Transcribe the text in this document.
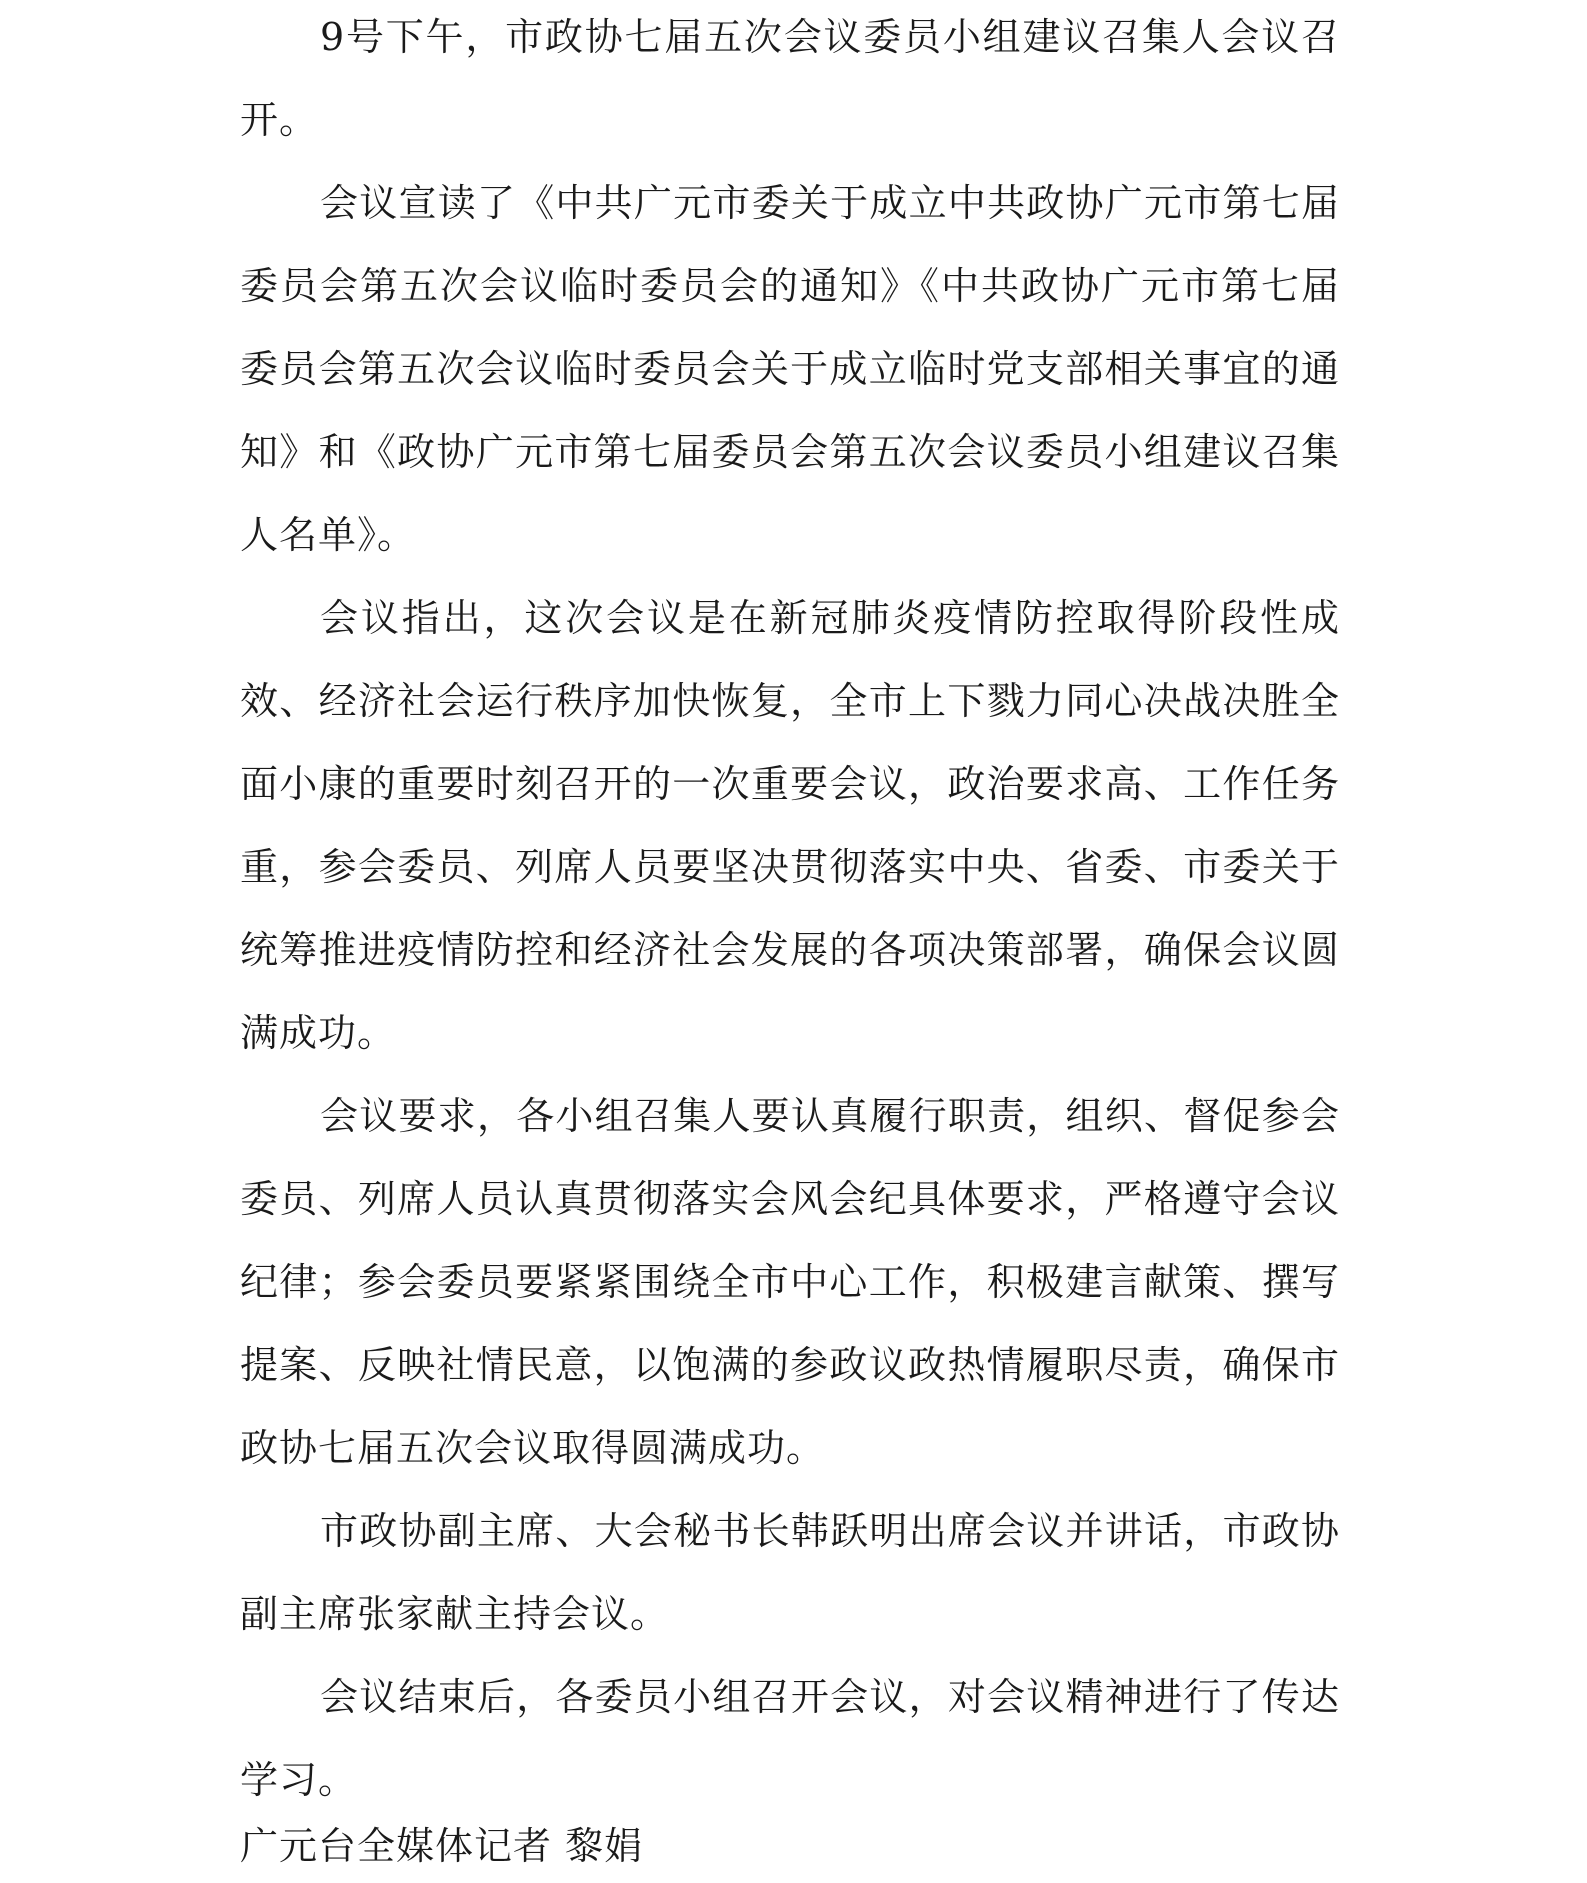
9号下午，市政协七届五次会议委员小组建议召集人会议召开。

会议宣读了《中共广元市委关于成立中共政协广元市第七届委员会第五次会议临时委员会的通知》《中共政协广元市第七届委员会第五次会议临时委员会关于成立临时党支部相关事宜的通知》和《政协广元市第七届委员会第五次会议委员小组建议召集人名单》。

会议指出，这次会议是在新冠肺炎疫情防控取得阶段性成效、经济社会运行秩序加快恢复，全市上下戮力同心决战决胜全面小康的重要时刻召开的一次重要会议，政治要求高、工作任务重，参会委员、列席人员要坚决贯彻落实中央、省委、市委关于统筹推进疫情防控和经济社会发展的各项决策部署，确保会议圆满成功。

会议要求，各小组召集人要认真履行职责，组织、督促参会委员、列席人员认真贯彻落实会风会纪具体要求，严格遵守会议纪律；参会委员要紧紧围绕全市中心工作，积极建言献策、撰写提案、反映社情民意，以饱满的参政议政热情履职尽责，确保市政协七届五次会议取得圆满成功。

市政协副主席、大会秘书长韩跃明出席会议并讲话，市政协副主席张家献主持会议。

会议结束后，各委员小组召开会议，对会议精神进行了传达学习。

广元台全媒体记者 黎娟
